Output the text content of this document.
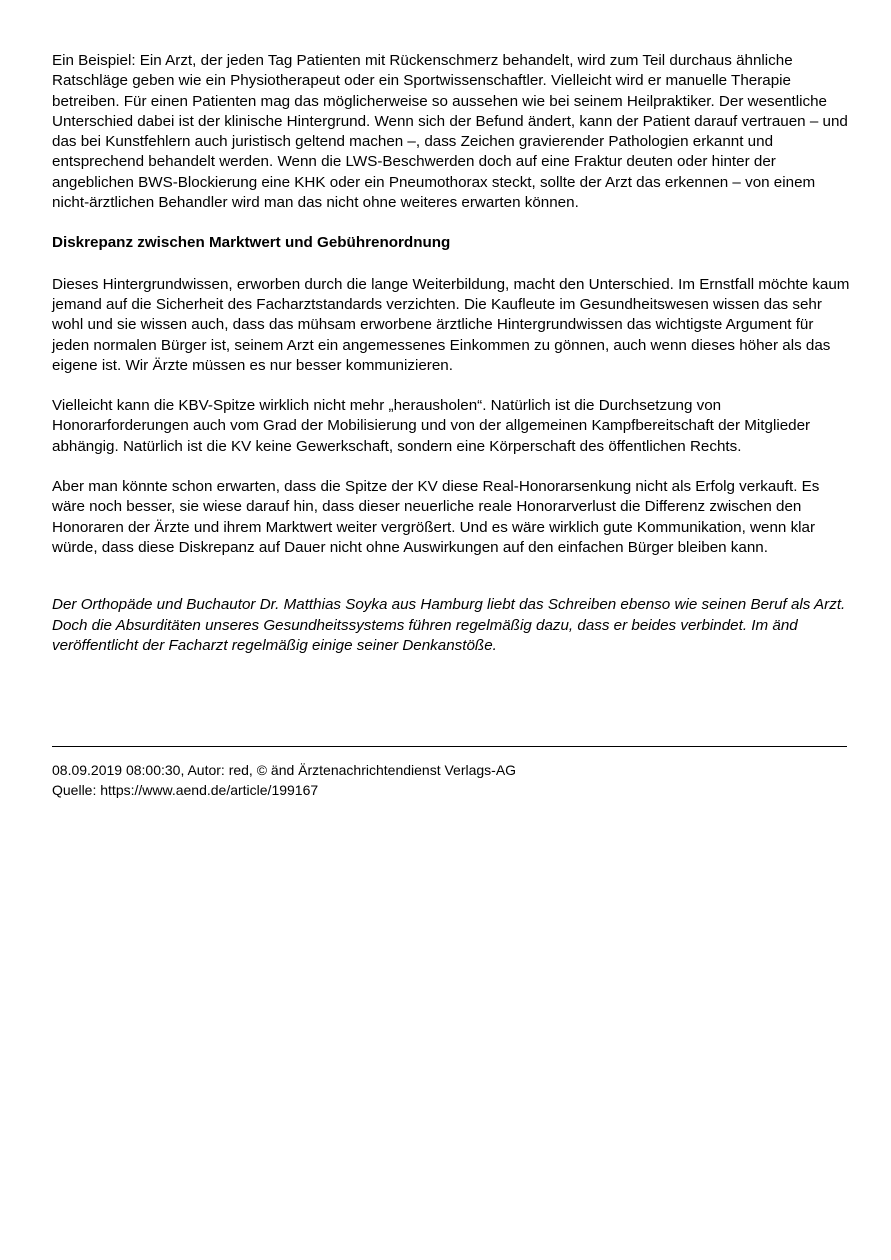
Ein Beispiel: Ein Arzt, der jeden Tag Patienten mit Rückenschmerz behandelt, wird zum Teil durchaus ähnliche Ratschläge geben wie ein Physiotherapeut oder ein Sportwissenschaftler. Vielleicht wird er manuelle Therapie betreiben. Für einen Patienten mag das möglicherweise so aussehen wie bei seinem Heilpraktiker. Der wesentliche Unterschied dabei ist der klinische Hintergrund. Wenn sich der Befund ändert, kann der Patient darauf vertrauen – und das bei Kunstfehlern auch juristisch geltend machen –, dass Zeichen gravierender Pathologien erkannt und entsprechend behandelt werden. Wenn die LWS-Beschwerden doch auf eine Fraktur deuten oder hinter der angeblichen BWS-Blockierung eine KHK oder ein Pneumothorax steckt, sollte der Arzt das erkennen – von einem nicht-ärztlichen Behandler wird man das nicht ohne weiteres erwarten können.

Diskrepanz zwischen Marktwert und Gebührenordnung

Dieses Hintergrundwissen, erworben durch die lange Weiterbildung, macht den Unterschied. Im Ernstfall möchte kaum jemand auf die Sicherheit des Facharztstandards verzichten. Die Kaufleute im Gesundheitswesen wissen das sehr wohl und sie wissen auch, dass das mühsam erworbene ärztliche Hintergrundwissen das wichtigste Argument für jeden normalen Bürger ist, seinem Arzt ein angemessenes Einkommen zu gönnen, auch wenn dieses höher als das eigene ist. Wir Ärzte müssen es nur besser kommunizieren.

Vielleicht kann die KBV-Spitze wirklich nicht mehr „herausholen“. Natürlich ist die Durchsetzung von Honorarforderungen auch vom Grad der Mobilisierung und von der allgemeinen Kampfbereitschaft der Mitglieder abhängig. Natürlich ist die KV keine Gewerkschaft, sondern eine Körperschaft des öffentlichen Rechts.

Aber man könnte schon erwarten, dass die Spitze der KV diese Real-Honorarsenkung nicht als Erfolg verkauft. Es wäre noch besser, sie wiese darauf hin, dass dieser neuerliche reale Honorarverlust die Differenz zwischen den Honoraren der Ärzte und ihrem Marktwert weiter vergrößert. Und es wäre wirklich gute Kommunikation, wenn klar würde, dass diese Diskrepanz auf Dauer nicht ohne Auswirkungen auf den einfachen Bürger bleiben kann.

Der Orthopäde und Buchautor Dr. Matthias Soyka aus Hamburg liebt das Schreiben ebenso wie seinen Beruf als Arzt. Doch die Absurditäten unseres Gesundheitssystems führen regelmäßig dazu, dass er beides verbindet. Im änd veröffentlicht der Facharzt regelmäßig einige seiner Denkanstöße.

08.09.2019 08:00:30, Autor: red, © änd Ärztenachrichtendienst Verlags-AG
Quelle: https://www.aend.de/article/199167
